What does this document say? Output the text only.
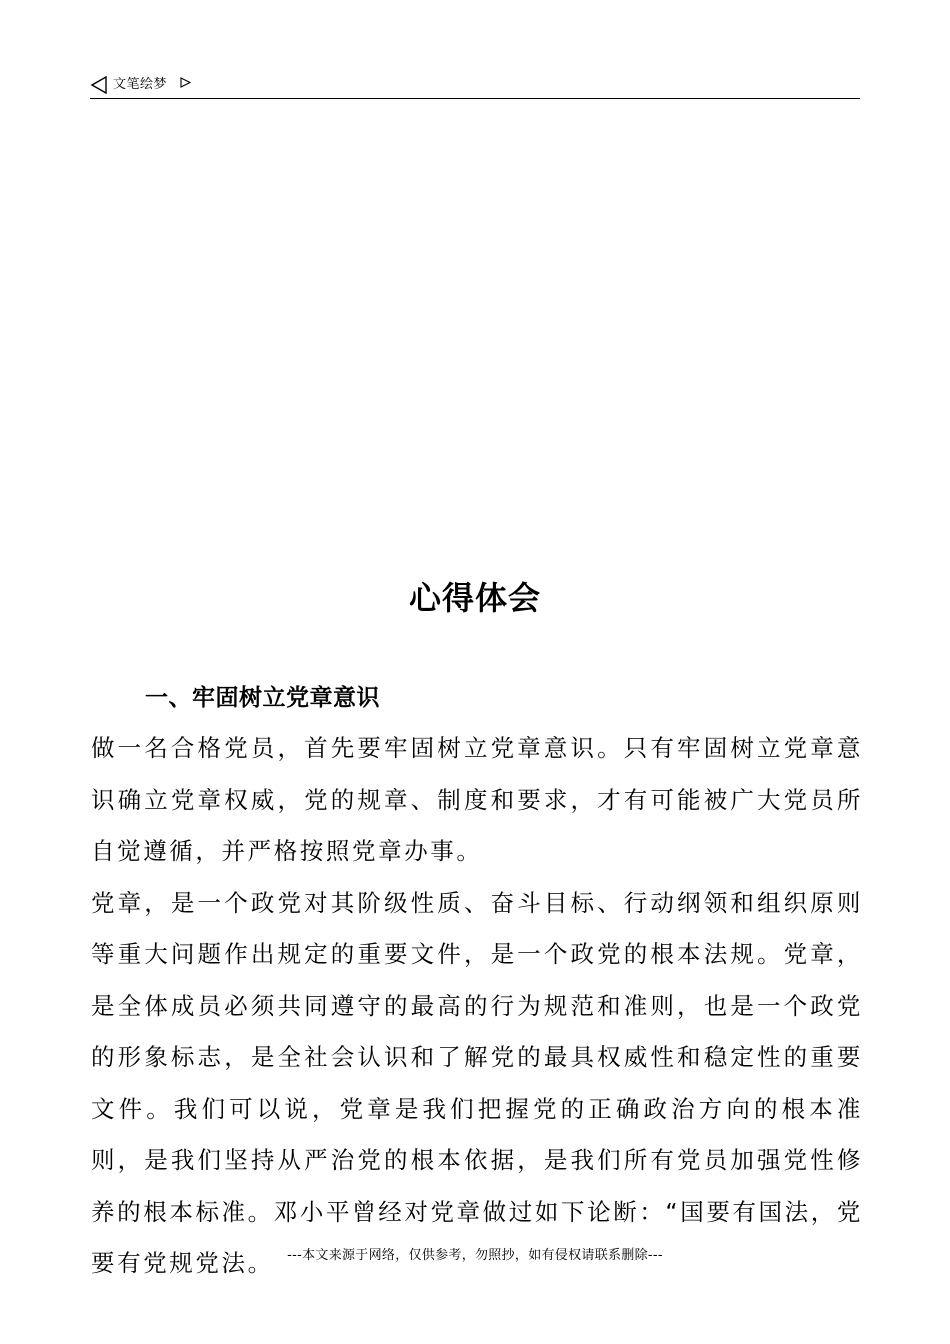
文笔绘梦
心得体会
一、牢固树立党章意识

做一名合格党员，首先要牢固树立党章意识。只有牢固树立党章意识确立党章权威，党的规章、制度和要求，才有可能被广大党员所自觉遵循，并严格按照党章办事。

党章，是一个政党对其阶级性质、奋斗目标、行动纲领和组织原则等重大问题作出规定的重要文件，是一个政党的根本法规。党章，是全体成员必须共同遵守的最高的行为规范和准则，也是一个政党的形象标志，是全社会认识和了解党的最具权威性和稳定性的重要文件。我们可以说，党章是我们把握党的正确政治方向的根本准则，是我们坚持从严治党的根本依据，是我们所有党员加强党性修养的根本标准。邓小平曾经对党章做过如下论断：“国要有国法，党要有党规党法。	---本文来源于网络，仅供参考，勿照抄，如有侵权请联系删除---
